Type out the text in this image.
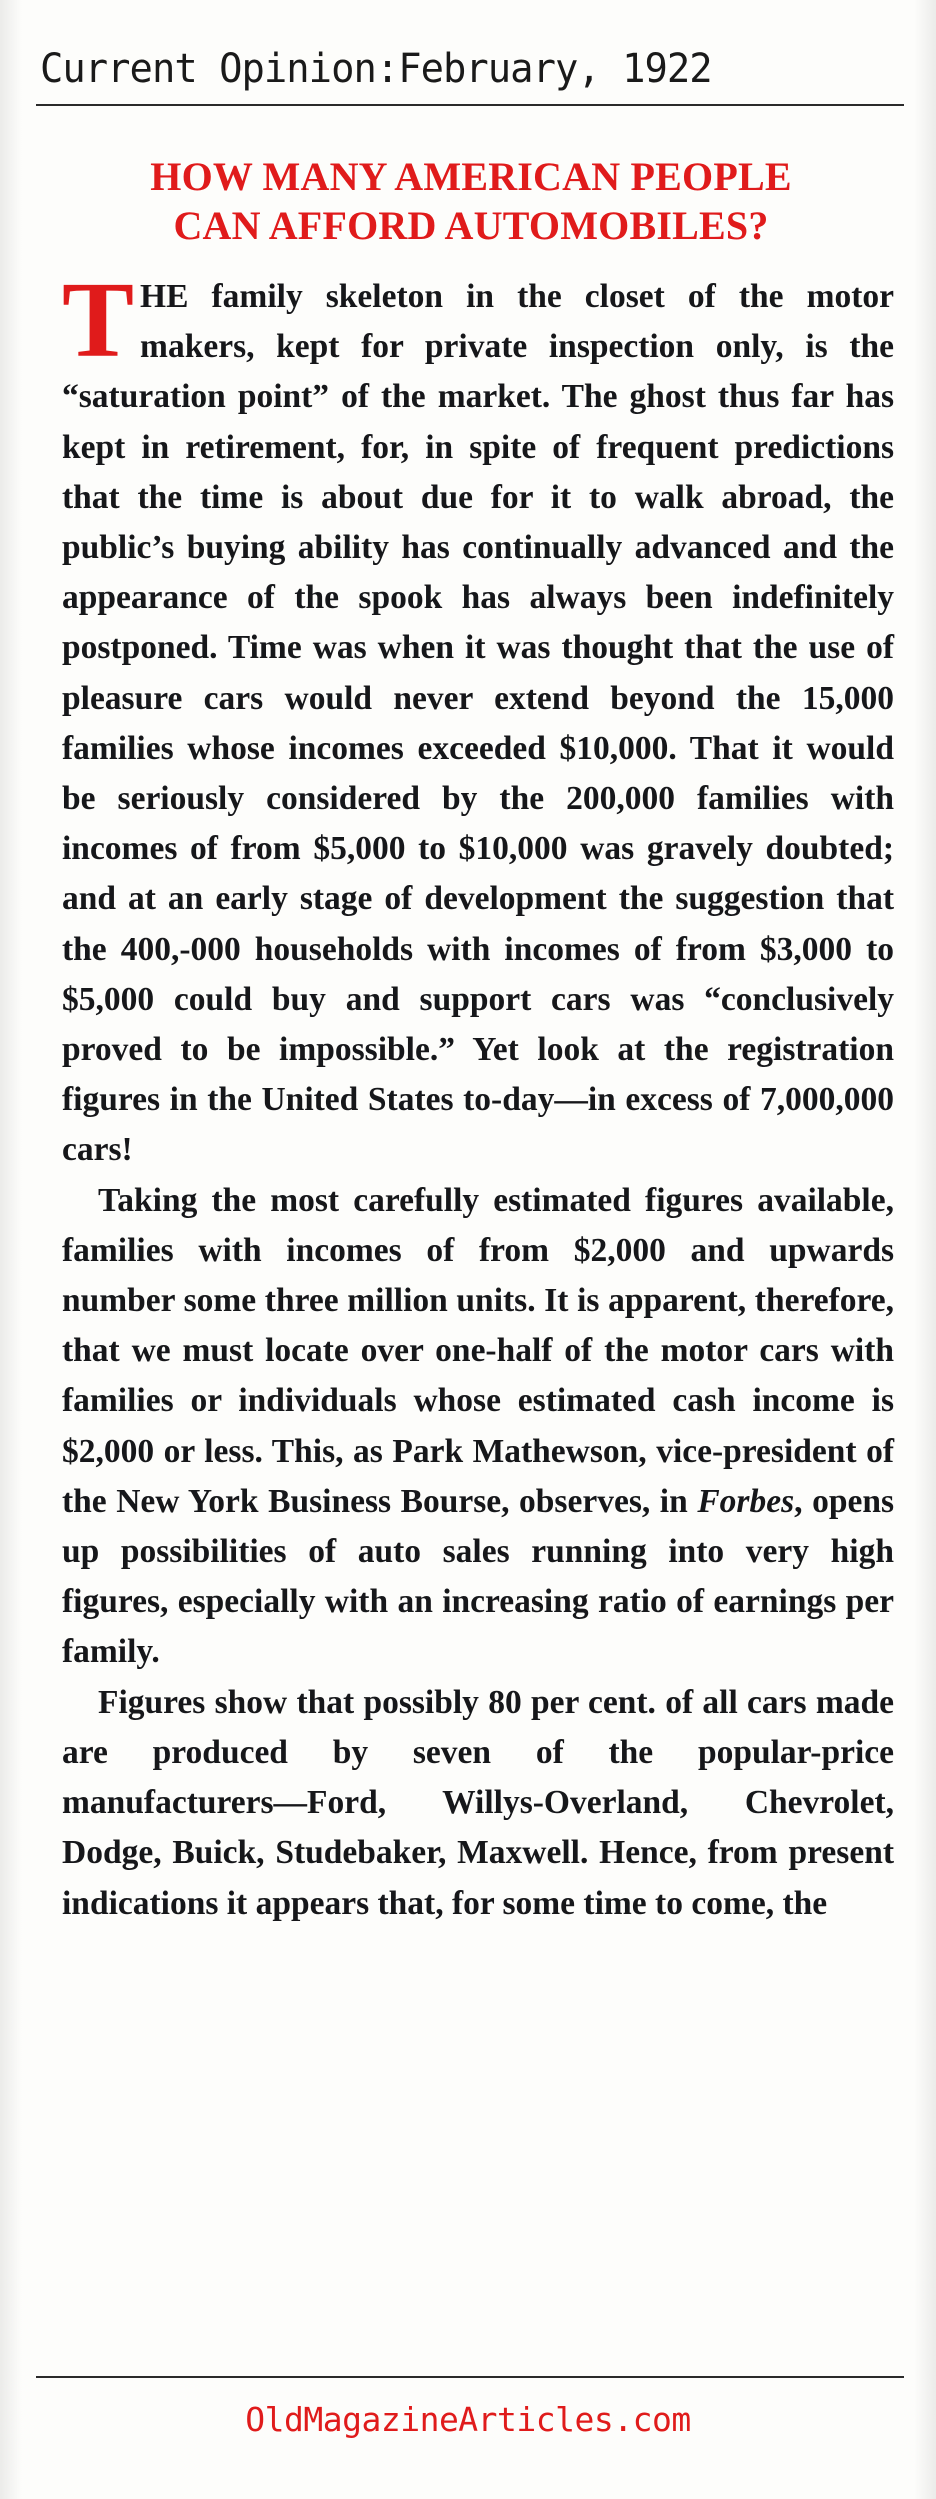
Current Opinion:February, 1922
HOW MANY AMERICAN PEOPLE
CAN AFFORD AUTOMOBILES?

THE family skeleton in the closet of the motor makers, kept for private inspection only, is the “saturation point” of the market. The ghost thus far has kept in retirement, for, in spite of frequent predictions that the time is about due for it to walk abroad, the public’s buying ability has continually advanced and the appearance of the spook has always been indefinitely postponed. Time was when it was thought that the use of pleasure cars would never extend beyond the 15,000 families whose incomes exceeded $10,000. That it would be seriously considered by the 200,000 families with incomes of from $5,000 to $10,000 was gravely doubted; and at an early stage of development the suggestion that the 400,-000 households with incomes of from $3,000 to $5,000 could buy and support cars was “conclusively proved to be impossible.” Yet look at the registration figures in the United States to-day—in excess of 7,000,000 cars!

Taking the most carefully estimated figures available, families with incomes of from $2,000 and upwards number some three million units. It is apparent, therefore, that we must locate over one-half of the motor cars with families or individuals whose estimated cash income is $2,000 or less. This, as Park Mathewson, vice-president of the New York Business Bourse, observes, in Forbes, opens up possibilities of auto sales running into very high figures, especially with an increasing ratio of earnings per family.

Figures show that possibly 80 per cent. of all cars made are produced by seven of the popular-price manufacturers—Ford, Willys-Overland, Chevrolet, Dodge, Buick, Studebaker, Maxwell. Hence, from present indications it appears that, for some time to come, the

OldMagazineArticles.com
